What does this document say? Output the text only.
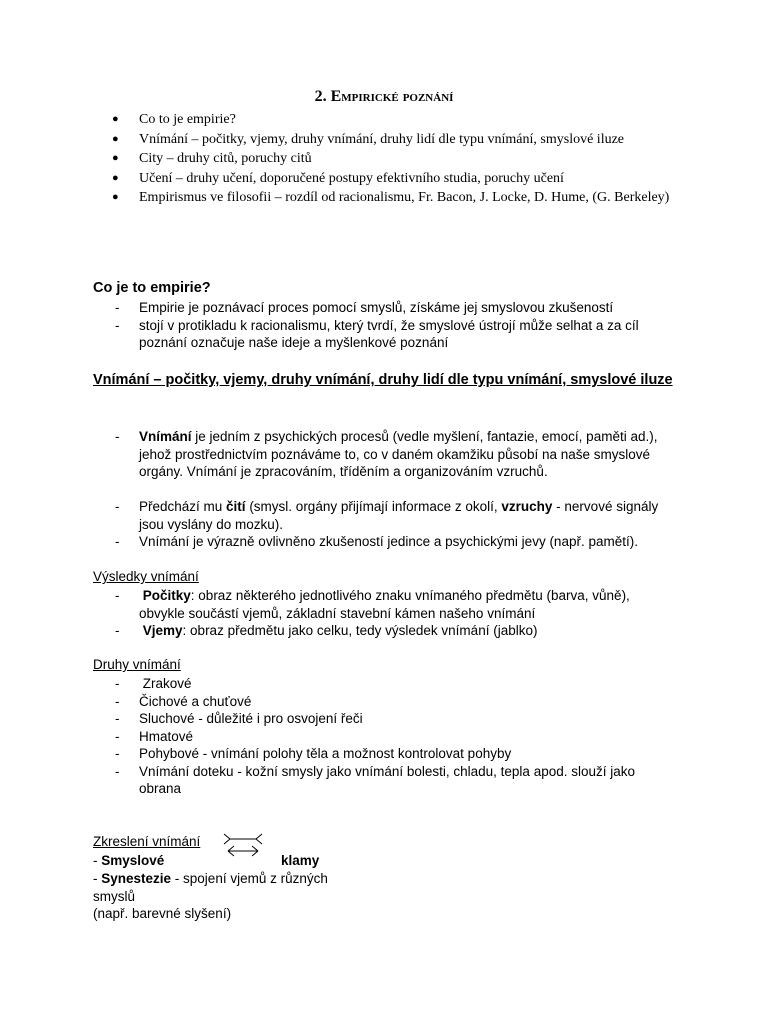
2. Empirické poznání
● Co to je empirie?
● Vnímání – počitky, vjemy, druhy vnímání, druhy lidí dle typu vnímání, smyslové iluze
● City – druhy citů, poruchy citů
● Učení – druhy učení, doporučené postupy efektivního studia, poruchy učení
● Empirismus ve filosofii – rozdíl od racionalismu, Fr. Bacon, J. Locke, D. Hume, (G. Berkeley)
Co je to empirie?
- Empirie je poznávací proces pomocí smyslů, získáme jej smyslovou zkušeností
- stojí v protikladu k racionalismu, který tvrdí, že smyslové ústrojí může selhat a za cíl poznání označuje naše ideje a myšlenkové poznání
Vnímání – počitky, vjemy, druhy vnímání, druhy lidí dle typu vnímání, smyslové iluze
- Vnímání je jedním z psychických procesů (vedle myšlení, fantazie, emocí, paměti ad.), jehož prostřednictvím poznáváme to, co v daném okamžiku působí na naše smyslové orgány. Vnímání je zpracováním, tříděním a organizováním vzruchů.
- Předchází mu čití (smysl. orgány přijímají informace z okolí, vzruchy - nervové signály jsou vyslány do mozku).
- Vnímání je výrazně ovlivněno zkušeností jedince a psychickými jevy (např. pamětí).
Výsledky vnímání
- Počitky: obraz některého jednotlivého znaku vnímaného předmětu (barva, vůně), obvykle součástí vjemů, základní stavební kámen našeho vnímání
- Vjemy: obraz předmětu jako celku, tedy výsledek vnímání (jablko)
Druhy vnímání
- Zrakové
- Čichové a chuťové
- Sluchové - důležité i pro osvojení řeči
- Hmatové
- Pohybové - vnímání polohy těla a možnost kontrolovat pohyby
- Vnímání doteku - kožní smysly jako vnímání bolesti, chladu, tepla apod. slouží jako obrana
Zkreslení vnímání
- Smyslové	klamy
- Synestezie - spojení vjemů z různých
smyslů
(např. barevné slyšení)
